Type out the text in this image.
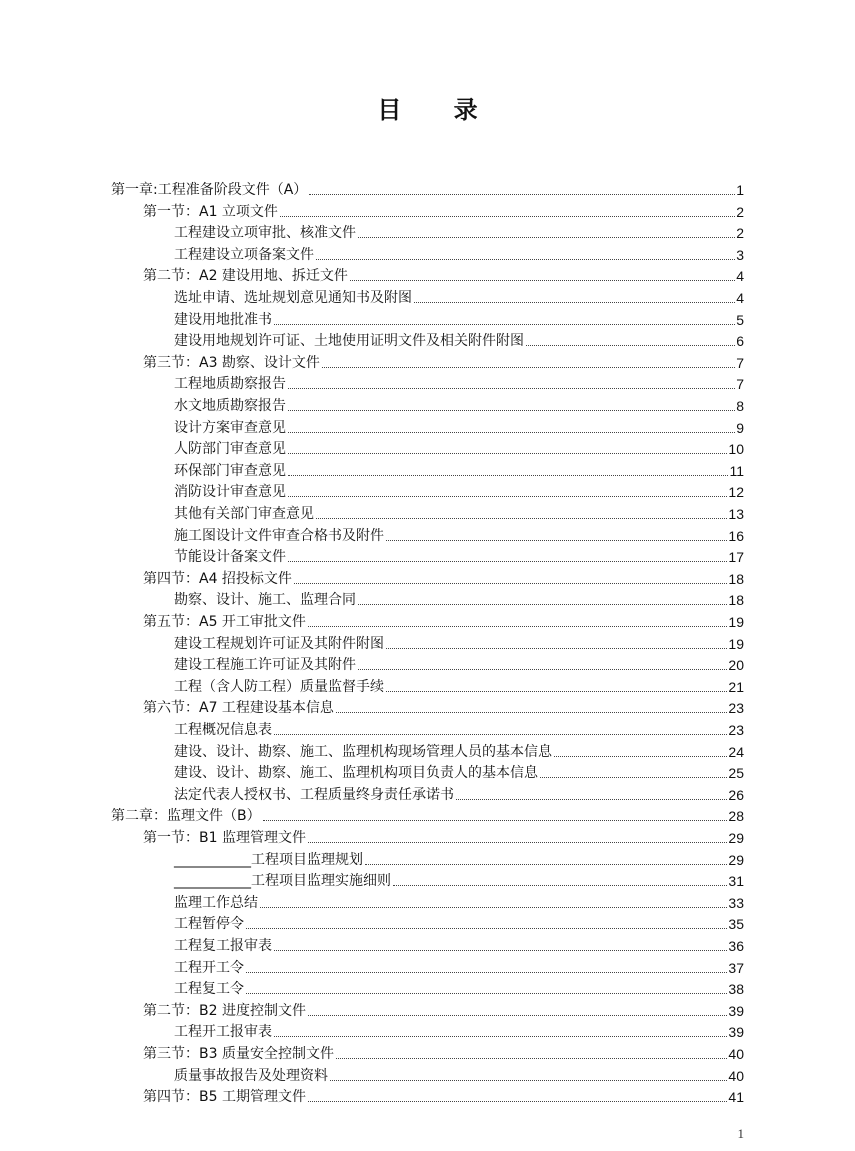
目 录
第一章:工程准备阶段文件（A）	1
第一节：A1 立项文件	2
工程建设立项审批、核准文件	2
工程建设立项备案文件	3
第二节：A2 建设用地、拆迁文件	4
选址申请、选址规划意见通知书及附图	4
建设用地批准书	5
建设用地规划许可证、土地使用证明文件及相关附件附图	6
第三节：A3 勘察、设计文件	7
工程地质勘察报告	7
水文地质勘察报告	8
设计方案审查意见	9
人防部门审查意见	10
环保部门审查意见	11
消防设计审查意见	12
其他有关部门审查意见	13
施工图设计文件审查合格书及附件	16
节能设计备案文件	17
第四节：A4 招投标文件	18
勘察、设计、施工、监理合同	18
第五节：A5 开工审批文件	19
建设工程规划许可证及其附件附图	19
建设工程施工许可证及其附件	20
工程（含人防工程）质量监督手续	21
第六节：A7 工程建设基本信息	23
工程概况信息表	23
建设、设计、勘察、施工、监理机构现场管理人员的基本信息	24
建设、设计、勘察、施工、监理机构项目负责人的基本信息	25
法定代表人授权书、工程质量终身责任承诺书	26
第二章：监理文件（B）	28
第一节：B1 监理管理文件	29
___________工程项目监理规划	29
___________工程项目监理实施细则	31
监理工作总结	33
工程暂停令	35
工程复工报审表	36
工程开工令	37
工程复工令	38
第二节：B2 进度控制文件	39
工程开工报审表	39
第三节：B3 质量安全控制文件	40
质量事故报告及处理资料	40
第四节：B5 工期管理文件	41
1
